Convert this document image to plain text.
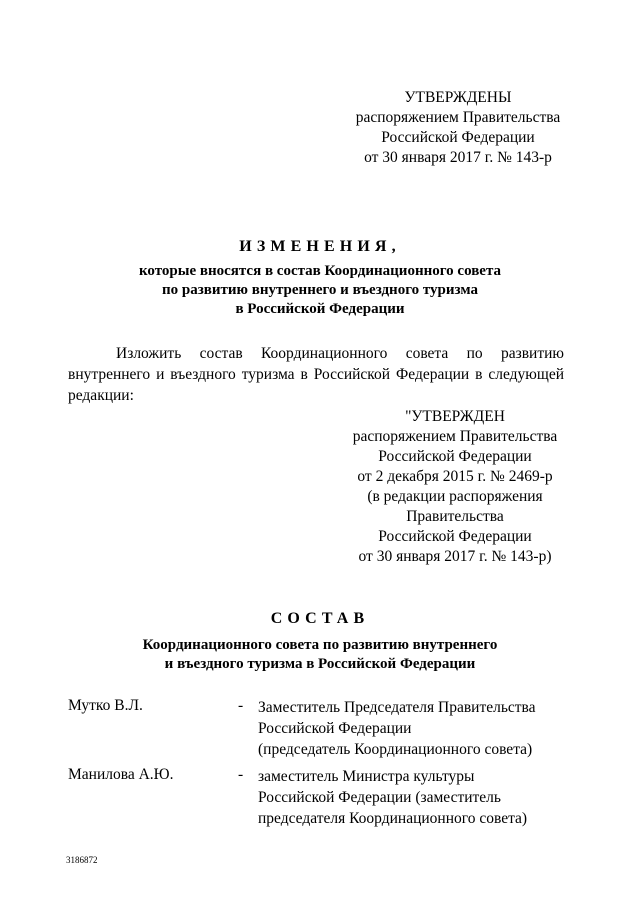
УТВЕРЖДЕНЫ
распоряжением Правительства
Российской Федерации
от 30 января 2017 г. № 143-р
ИЗМЕНЕНИЯ,
которые вносятся в состав Координационного совета
по развитию внутреннего и въездного туризма
в Российской Федерации
Изложить состав Координационного совета по развитию
внутреннего и въездного туризма в Российской Федерации в следующей
редакции:
"УТВЕРЖДЕН
распоряжением Правительства
Российской Федерации
от 2 декабря 2015 г. № 2469-р
(в редакции распоряжения
Правительства
Российской Федерации
от 30 января 2017 г. № 143-р)
СОСТАВ
Координационного совета по развитию внутреннего
и въездного туризма в Российской Федерации
Мутко В.Л.	- Заместитель Председателя Правительства
Российской Федерации
(председатель Координационного совета)
Манилова А.Ю.	- заместитель Министра культуры
Российской Федерации (заместитель
председателя Координационного совета)
3186872
